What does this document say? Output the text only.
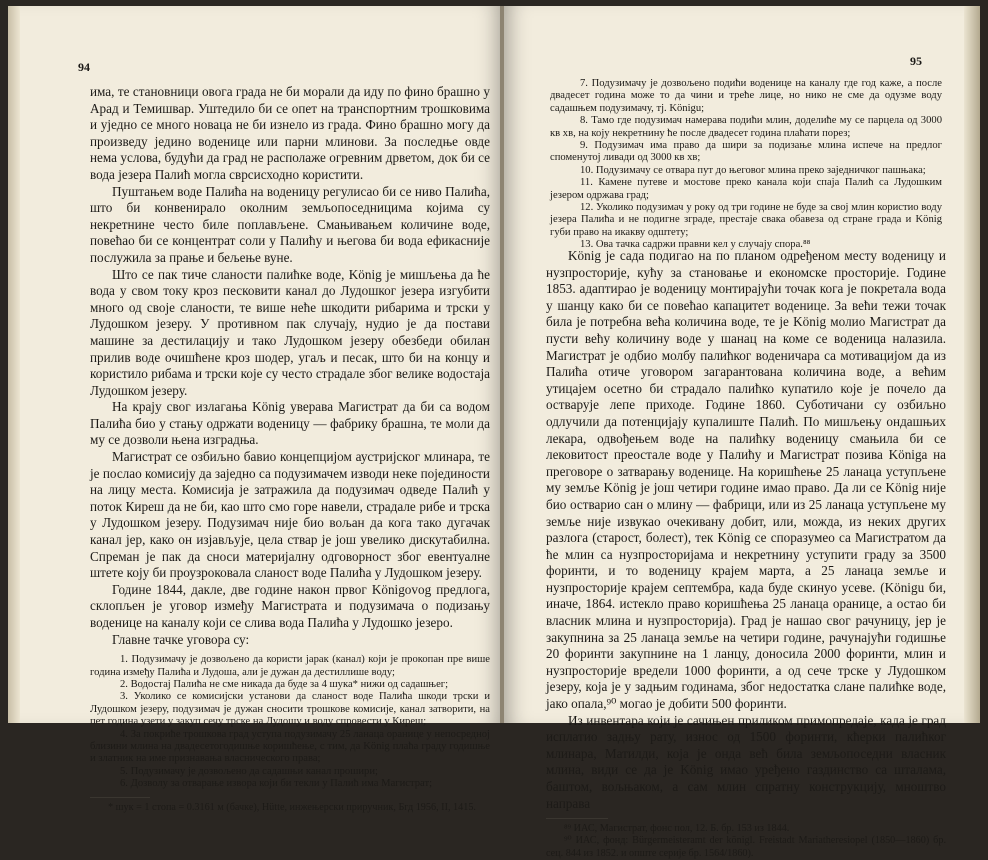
94

има, те становници овога града не би морали да иду по фино брашно у Арад и Темишвар. Уштедило би се опет на транспортним трошковима и уједно се много новаца не би изнело из града. Фино брашно могу да произведу једино воденице или парни млинови. За последње овде нема услова, будући да град не располаже огревним дрветом, док би се вода језера Палић могла сврсисходно користити.

Пуштањем воде Палића на воденицу регулисао би се ниво Палића, што би конвенирало околним земљопоседницима којима су некретнине често биле поплављене. Смањивањем количине воде, повећао би се концентрат соли у Палићу и његова би вода ефикасније послужила за прање и бељење вуне.

Што се пак тиче сланости палићке воде, König је мишљења да ће вода у свом току кроз песковити канал до Лудошког језера изгубити много од своје сланости, те више неће шкодити рибарима и трски у Лудошком језеру. У противном пак случају, нудио је да постави машине за дестилацију и тако Лудошком језеру обезбеди обилан прилив воде очишћене кроз шодер, угаљ и песак, што би на концу и користило рибама и трски које су често страдале због велике водостаја Лудошком језеру.

На крају свог излагања König уверава Магистрат да би са водом Палића био у стању одржати воденицу — фабрику брашна, те моли да му се дозволи њена изградња.

Магистрат се озбиљно бавио концепцијом аустријског млинара, те је послао комисију да заједно са подузимачем изводи неке појединости на лицу места. Комисија је затражила да подузимач одведе Палић у поток Киреш да не би, као што смо горе навели, страдале рибе и трска у Лудошком језеру. Подузимач није био вољан да кога тако дугачак канал јер, како он изјављује, цела ствар је још увелико дискутабилна. Спреман је пак да сноси материјалну одговорност због евентуалне штете коју би проузроковала сланост воде Палића у Лудошком језеру.

Године 1844, дакле, две године након првог Königovog предлога, склопљен је уговор између Магистрата и подузимача о подизању воденице на каналу који се слива вода Палића у Лудошко језеро.

Главне тачке уговора су:

1. Подузимачу је дозвољено да користи јарак (канал) који је прокопан пре више година између Палића и Лудоша, али је дужан да дестиллише воду;

2. Водостај Палића не сме никада да буде за 4 шука* нижи од садашњег;

3. Уколико се комисијски установи да сланост воде Палића шкоди трски и Лудошком језеру, подузимач је дужан сносити трошкове комисије, канал затворити, на пет година узети у закуп сечу трске на Лудошу и воду спровести у Киреш;

4. За покриће трошкова град уступа подузимачу 25 ланаца оранице у непосредној близини млина на двадесетогодишње коришћење, с тим, да König плаћа граду годишње и златник на име признавања власнического права;

5. Подузимачу је дозвољено да садашњи канал прошири;

6. Дозволу за отварање извора који би текли у Палић има Магистрат;

* шук = 1 стопа = 0.3161 м (бачке), Hütte, инжењерски приручник, Бгд 1956, II, 1415.

95

7. Подузимачу је дозвољено подићи воденице на каналу где год каже, а после двадесет година може то да чини и треће лице, но нико не сме да одузме воду садашњем подузимачу, тј. Königu;

8. Тамо где подузимач намерава подићи млин, доделиће му се парцела од 3000 кв хв, на коју некретнину ће после двадесет година плаћати порез;

9. Подузимач има право да шири за подизање млина испече на предлог споменутој ливади од 3000 кв хв;

10. Подузимачу се отвара пут до његовог млина преко заједничког пашњака;

11. Камене путеве и мостове преко канала који спаја Палић са Лудошким језером одржава град;

12. Уколико подузимач у року од три године не буде за свој млин користио воду језера Палића и не подигне зграде, престаје свака обавеза од стране града и König губи право на икакву одштету;

13. Ова тачка садржи правни кел у случају спора.⁸⁸

König је сада подигао на по планом одређеном месту воденицу и нузпросторије, кућу за становање и економске просторије. Године 1853. адаптирао је воденицу монтирајући точак кога је покретала вода у шанцу како би се повећао капацитет воденице. За већи тежи точак била је потребна већа количина воде, те је König молио Магистрат да пусти већу количину воде у шанац на коме се воденица налазила. Магистрат је одбио молбу палићког воденичара са мотивацијом да из Палића отиче уговором загарантована количина воде, а већим утицајем осетно би страдало палићко купатило које је почело да остварује лепе приходе. Године 1860. Суботичани су озбиљно одлучили да потенцијају купалиште Палић. По мишљењу ондашњих лекара, одвођењем воде на палићку воденицу смањила би се лековитост преостале воде у Палићу и Магистрат позива Königa на преговоре о затварању воденице. На коришћење 25 ланаца уступљене му земље König је још четири године имао право. Да ли се König није био остварио сан о млину — фабрици, или из 25 ланаца уступљене му земље није извукао очекивану добит, или, можда, из неких других разлога (старост, болест), тек König се споразумео са Магистратом да ће млин са нузпросторијама и некретнину уступити граду за 3500 форинти, и то воденицу крајем марта, а 25 ланаца земље и нузпросторије крајем септембра, када буде скинуо усеве. (Königu би, иначе, 1864. истекло право коришћења 25 ланаца оранице, а остао би власник млина и нузпросторија). Град је нашао свог рачуницу, јер је закупнина за 25 ланаца земље на четири године, рачунајући годишње 20 форинти закупнине на 1 ланцу, доносила 2000 форинти, млин и нузпросторије вредели 1000 форинти, а од сече трске у Лудошком језеру, која је у задњим годинама, због недостатка слане палићке воде, јако опала,⁹⁰ могао је добити 500 форинти.

Из инвентара који је сачињен приликом примопредаје, када је град исплатио задњу рату, износ од 1500 форинти, кћерки палићког млинара, Матилди, која је онда већ била земљопоседни власник млина, види се да је König имао уређено газдинство са шталама, баштом, вољњаком, а сам млин спратну конструкцију, мноштво направа

⁸⁹ ИАС, Магистрат, фонс пол, 12. Б. бр. 153 из 1844.

⁹⁰ ИАС, фонд: Bürgermeisteramt der königl. Freistadt Mariatheresiopel (1850—1860) бр. сец. 844 из 1852. и опште серије бр. 1564/1860).
